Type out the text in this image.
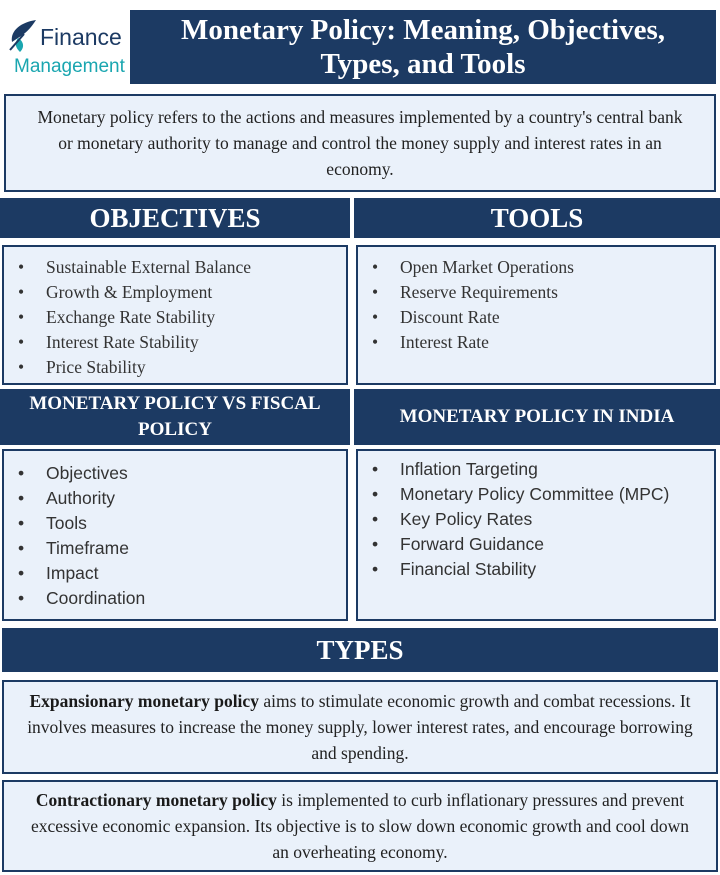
Finance
Management
Monetary Policy: Meaning, Objectives, Types, and Tools
Monetary policy refers to the actions and measures implemented by a country's central bank or monetary authority to manage and control the money supply and interest rates in an economy.
OBJECTIVES
• Sustainable External Balance
• Growth & Employment
• Exchange Rate Stability
• Interest Rate Stability
• Price Stability
TOOLS
• Open Market Operations
• Reserve Requirements
• Discount Rate
• Interest Rate
MONETARY POLICY VS FISCAL POLICY
• Objectives
• Authority
• Tools
• Timeframe
• Impact
• Coordination
MONETARY POLICY IN INDIA
• Inflation Targeting
• Monetary Policy Committee (MPC)
• Key Policy Rates
• Forward Guidance
• Financial Stability
TYPES
Expansionary monetary policy aims to stimulate economic growth and combat recessions. It involves measures to increase the money supply, lower interest rates, and encourage borrowing and spending.
Contractionary monetary policy is implemented to curb inflationary pressures and prevent excessive economic expansion. Its objective is to slow down economic growth and cool down an overheating economy.
